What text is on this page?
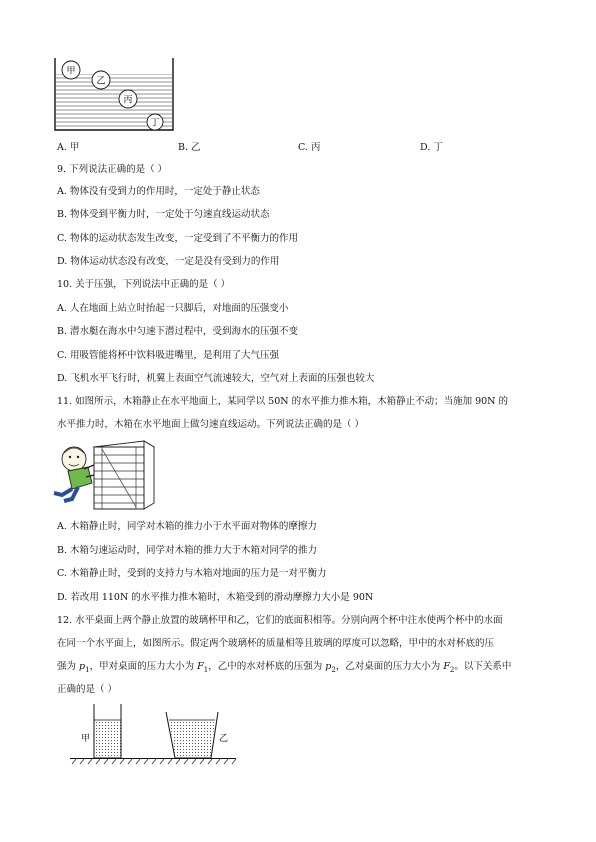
甲
乙
丙
丁
A. 甲	B. 乙	C. 丙	D. 丁
9. 下列说法正确的是（ ）
A. 物体没有受到力的作用时，一定处于静止状态
B. 物体受到平衡力时，一定处于匀速直线运动状态
C. 物体的运动状态发生改变，一定受到了不平衡力的作用
D. 物体运动状态没有改变，一定是没有受到力的作用
10. 关于压强，下列说法中正确的是（ ）
A. 人在地面上站立时抬起一只脚后，对地面的压强变小
B. 潜水艇在海水中匀速下潜过程中，受到海水的压强不变
C. 用吸管能将杯中饮料吸进嘴里，是利用了大气压强
D. 飞机水平飞行时，机翼上表面空气流速较大，空气对上表面的压强也较大
11. 如图所示，木箱静止在水平地面上，某同学以 50N 的水平推力推木箱，木箱静止不动；当施加 90N 的
水平推力时，木箱在水平地面上做匀速直线运动。下列说法正确的是（ ）
A. 木箱静止时，同学对木箱的推力小于水平面对物体的摩擦力
B. 木箱匀速运动时，同学对木箱的推力大于木箱对同学的推力
C. 木箱静止时，受到的支持力与木箱对地面的压力是一对平衡力
D. 若改用 110N 的水平推力推木箱时，木箱受到的滑动摩擦力大小是 90N
12. 水平桌面上两个静止放置的玻璃杯甲和乙，它们的底面积相等。分别向两个杯中注水使两个杯中的水面
在同一个水平面上，如图所示。假定两个玻璃杯的质量相等且玻璃的厚度可以忽略，甲中的水对杯底的压
强为 $p_1$，甲对桌面的压力大小为 $F_1$，乙中的水对杯底的压强为 $p_2$，乙对桌面的压力大小为 $F_2$。以下关系中
正确的是（ ）
甲	乙
